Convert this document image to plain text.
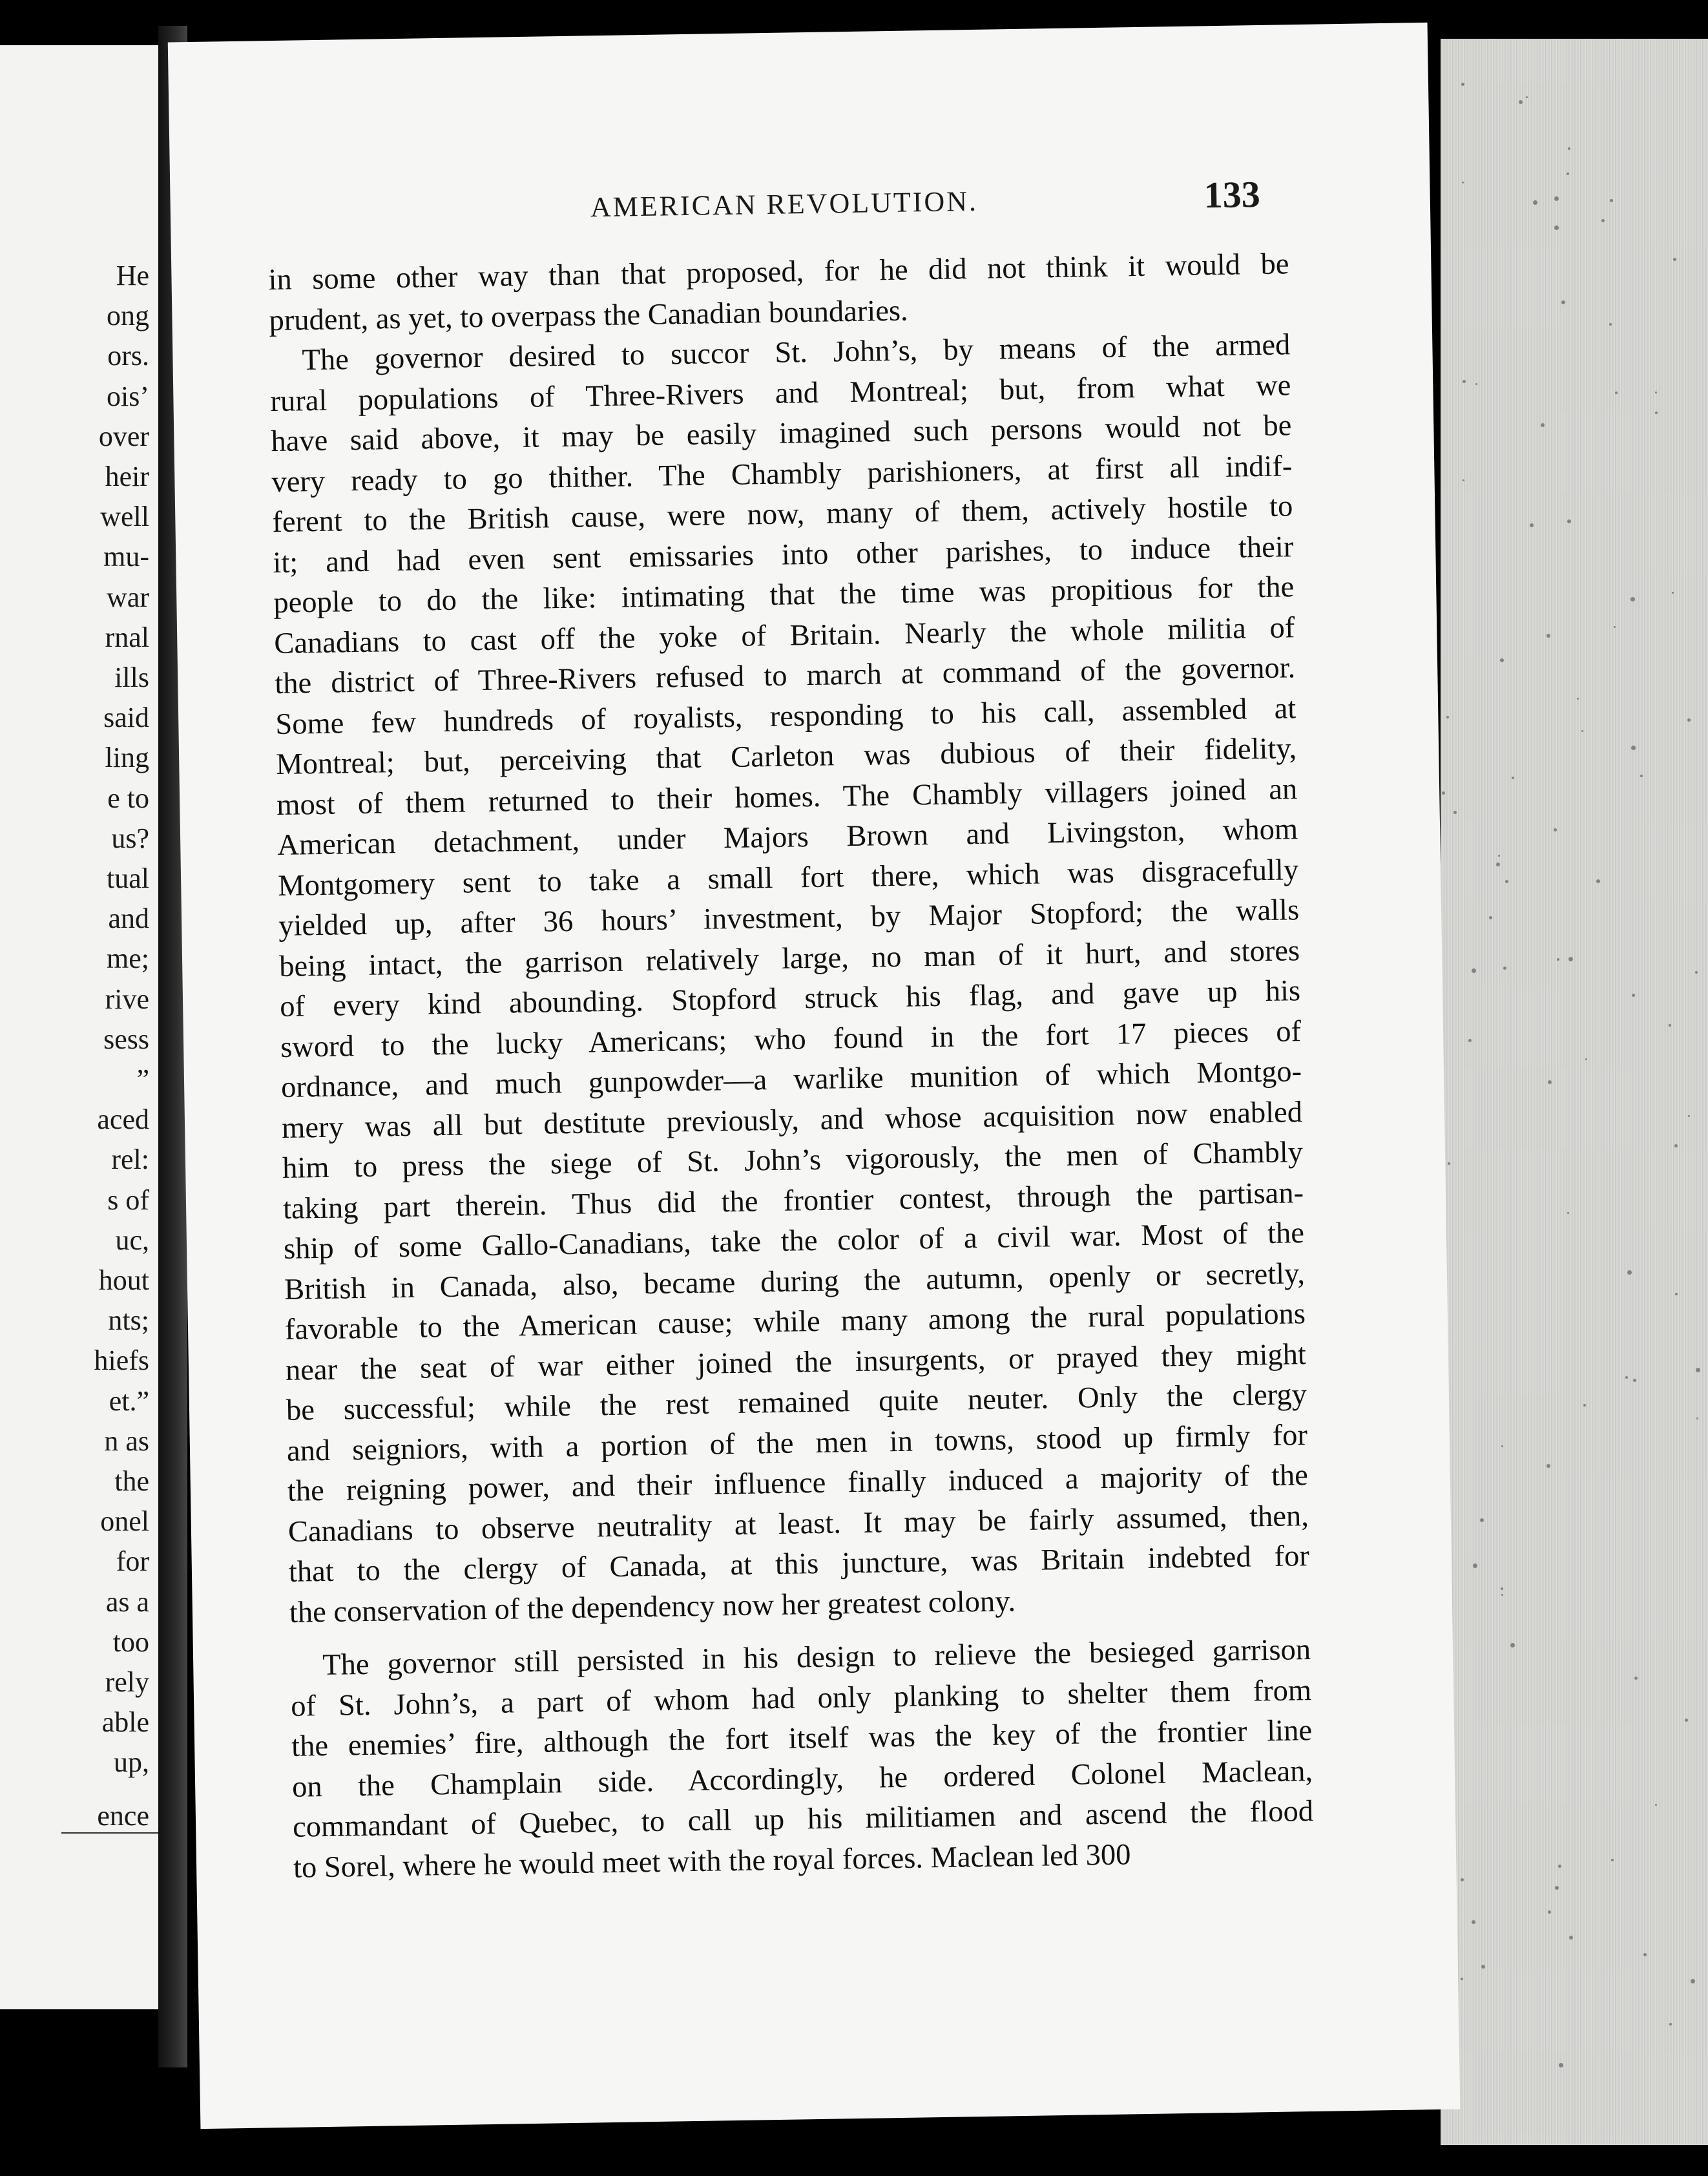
He
ong
ors.
ois’
over
heir
well
mu-
war
rnal
ills
said
ling
e to
us?
tual
and
me;
rive
sess
”
aced
rel:
s of
uc,
hout
nts;
hiefs
et.”
n as
the
onel
for
as a
too
rely
able
up,
ence
AMERICAN REVOLUTION.	133
in some other way than that proposed, for he did not think it would be
prudent, as yet, to overpass the Canadian boundaries.
The governor desired to succor St. John’s, by means of the armed
rural populations of Three-Rivers and Montreal; but, from what we
have said above, it may be easily imagined such persons would not be
very ready to go thither. The Chambly parishioners, at first all indif-
ferent to the British cause, were now, many of them, actively hostile to
it; and had even sent emissaries into other parishes, to induce their
people to do the like: intimating that the time was propitious for the
Canadians to cast off the yoke of Britain. Nearly the whole militia of
the district of Three-Rivers refused to march at command of the governor.
Some few hundreds of royalists, responding to his call, assembled at
Montreal; but, perceiving that Carleton was dubious of their fidelity,
most of them returned to their homes. The Chambly villagers joined an
American detachment, under Majors Brown and Livingston, whom
Montgomery sent to take a small fort there, which was disgracefully
yielded up, after 36 hours’ investment, by Major Stopford; the walls
being intact, the garrison relatively large, no man of it hurt, and stores
of every kind abounding. Stopford struck his flag, and gave up his
sword to the lucky Americans; who found in the fort 17 pieces of
ordnance, and much gunpowder—a warlike munition of which Montgo-
mery was all but destitute previously, and whose acquisition now enabled
him to press the siege of St. John’s vigorously, the men of Chambly
taking part therein. Thus did the frontier contest, through the partisan-
ship of some Gallo-Canadians, take the color of a civil war. Most of the
British in Canada, also, became during the autumn, openly or secretly,
favorable to the American cause; while many among the rural populations
near the seat of war either joined the insurgents, or prayed they might
be successful; while the rest remained quite neuter. Only the clergy
and seigniors, with a portion of the men in towns, stood up firmly for
the reigning power, and their influence finally induced a majority of the
Canadians to observe neutrality at least. It may be fairly assumed, then,
that to the clergy of Canada, at this juncture, was Britain indebted for
the conservation of the dependency now her greatest colony.
The governor still persisted in his design to relieve the besieged garrison
of St. John’s, a part of whom had only planking to shelter them from
the enemies’ fire, although the fort itself was the key of the frontier line
on the Champlain side. Accordingly, he ordered Colonel Maclean,
commandant of Quebec, to call up his militiamen and ascend the flood
to Sorel, where he would meet with the royal forces. Maclean led 300
